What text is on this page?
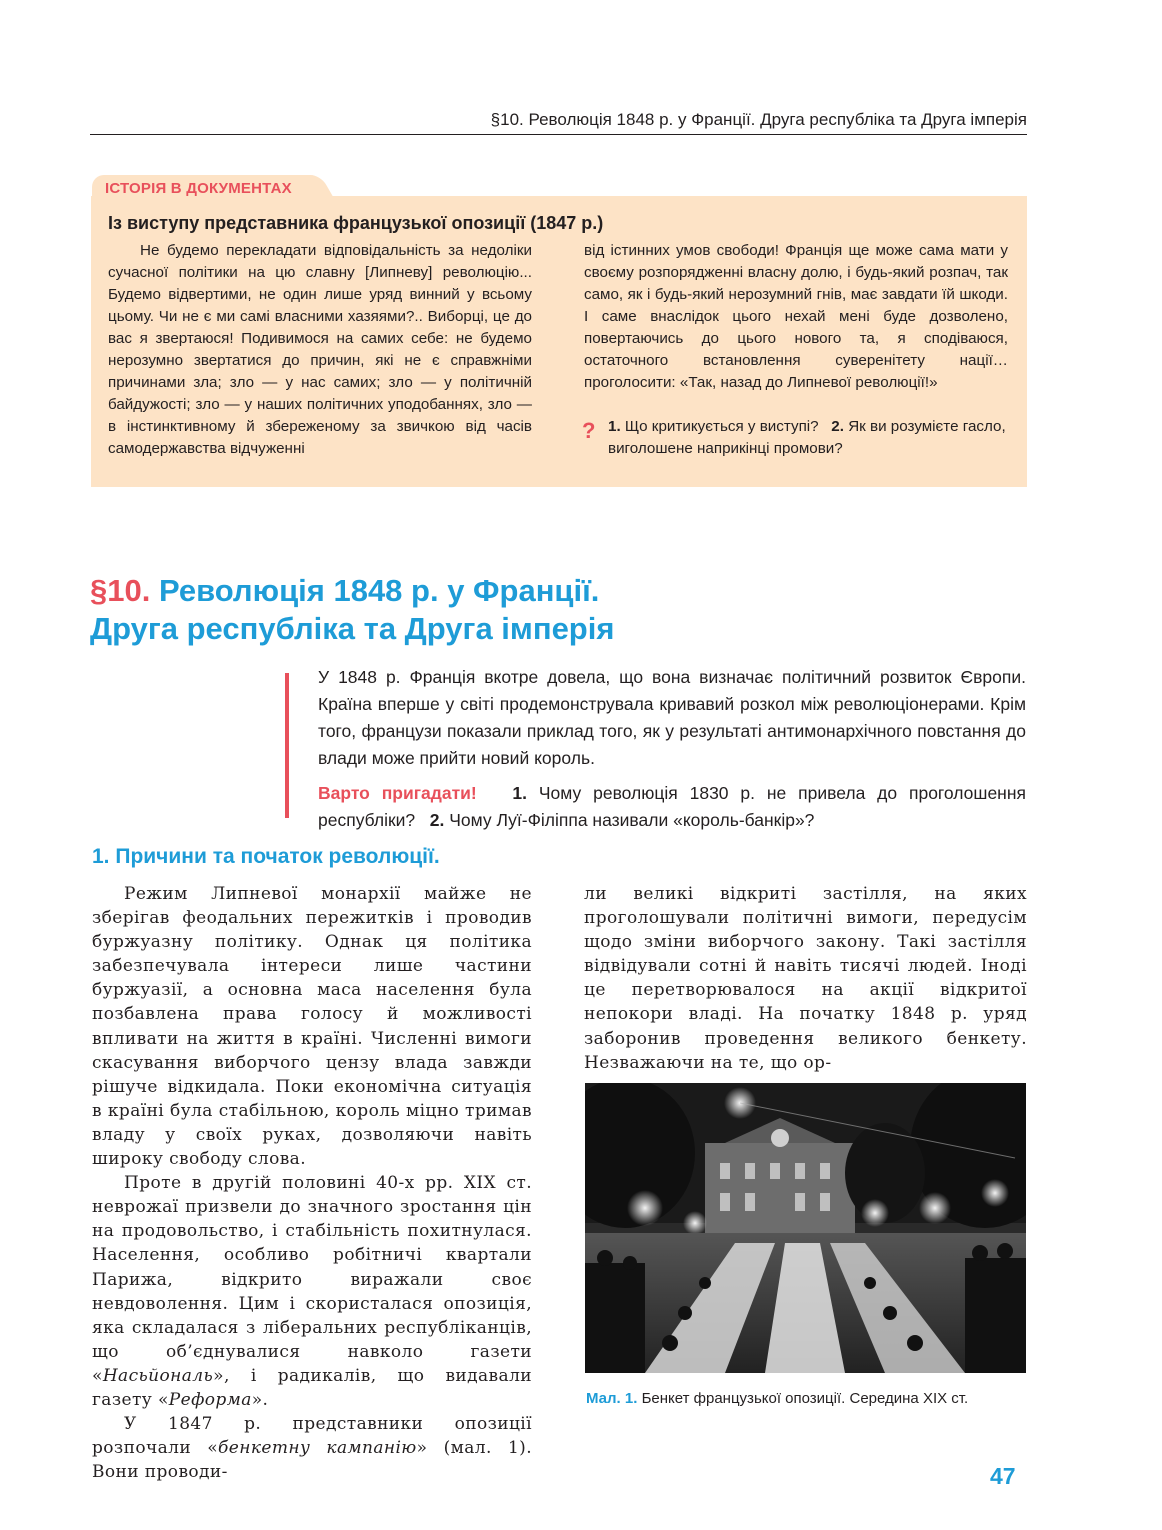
§10. Революція 1848 р. у Франції. Друга республіка та Друга імперія
ІСТОРІЯ В ДОКУМЕНТАХ
Із виступу представника французької опозиції (1847 р.)

Не будемо перекладати відповідальність за недоліки сучасної політики на цю славну [Липневу] революцію... Будемо відвертими, не один лише уряд винний у всьому цьому. Чи не є ми самі власними хазяями?.. Виборці, це до вас я звертаюся! Подивимося на самих себе: не будемо нерозумно звертатися до причин, які не є справжніми причинами зла; зло — у нас самих; зло — у політичній байдужості; зло — у наших політичних уподобаннях, зло — в інстинктивному й збереженому за звичкою від часів самодержавства відчуженні

від істинних умов свободи! Франція ще може сама мати у своєму розпорядженні власну долю, і будь-який розпач, так само, як і будь-який нерозумний гнів, має завдати їй шкоди. І саме внаслідок цього нехай мені буде дозволено, повертаючись до цього нового та, я сподіваюся, остаточного встановлення суверенітету нації… проголосити: «Так, назад до Липневої революції!»

? 1. Що критикується у виступі? 2. Як ви розумієте гасло, виголошене наприкінці промови?
§10. Революція 1848 р. у Франції.
Друга республіка та Друга імперія

У 1848 р. Франція вкотре довела, що вона визначає політичний розвиток Європи. Країна вперше у світі продемонструвала кривавий розкол між революціонерами. Крім того, французи показали приклад того, як у результаті антимонархічного повстання до влади може прийти новий король.

Варто пригадати! 1. Чому революція 1830 р. не привела до проголошення республіки? 2. Чому Луї-Філіппа називали «король-банкір»?

1. Причини та початок революції.

Режим Липневої монархії майже не зберігав феодальних пережитків і проводив буржуазну політику. Однак ця політика забезпечувала інтереси лише частини буржуазії, а основна маса населення була позбавлена права голосу й можливості впливати на життя в країні. Численні вимоги скасування виборчого цензу влада завжди рішуче відкидала. Поки економічна ситуація в країні була стабільною, король міцно тримав владу у своїх руках, дозволяючи навіть широку свободу слова.

Проте в другій половині 40-х рр. XIX ст. неврожаї призвели до значного зростання цін на продовольство, і стабільність похитнулася. Населення, особливо робітничі квартали Парижа, відкрито виражали своє невдоволення. Цим і скористалася опозиція, яка складалася з ліберальних республіканців, що об’єднувалися навколо газети «Насьйональ», і радикалів, що видавали газету «Реформа».

У 1847 р. представники опозиції розпочали «бенкетну кампанію» (мал. 1). Вони проводи-

ли великі відкриті застілля, на яких проголошували політичні вимоги, передусім щодо зміни виборчого закону. Такі застілля відвідували сотні й навіть тисячі людей. Іноді це перетворювалося на акції відкритої непокори владі. На початку 1848 р. уряд заборонив проведення великого бенкету. Незважаючи на те, що ор-

Мал. 1. Бенкет французької опозиції. Середина XIX ст.
47
